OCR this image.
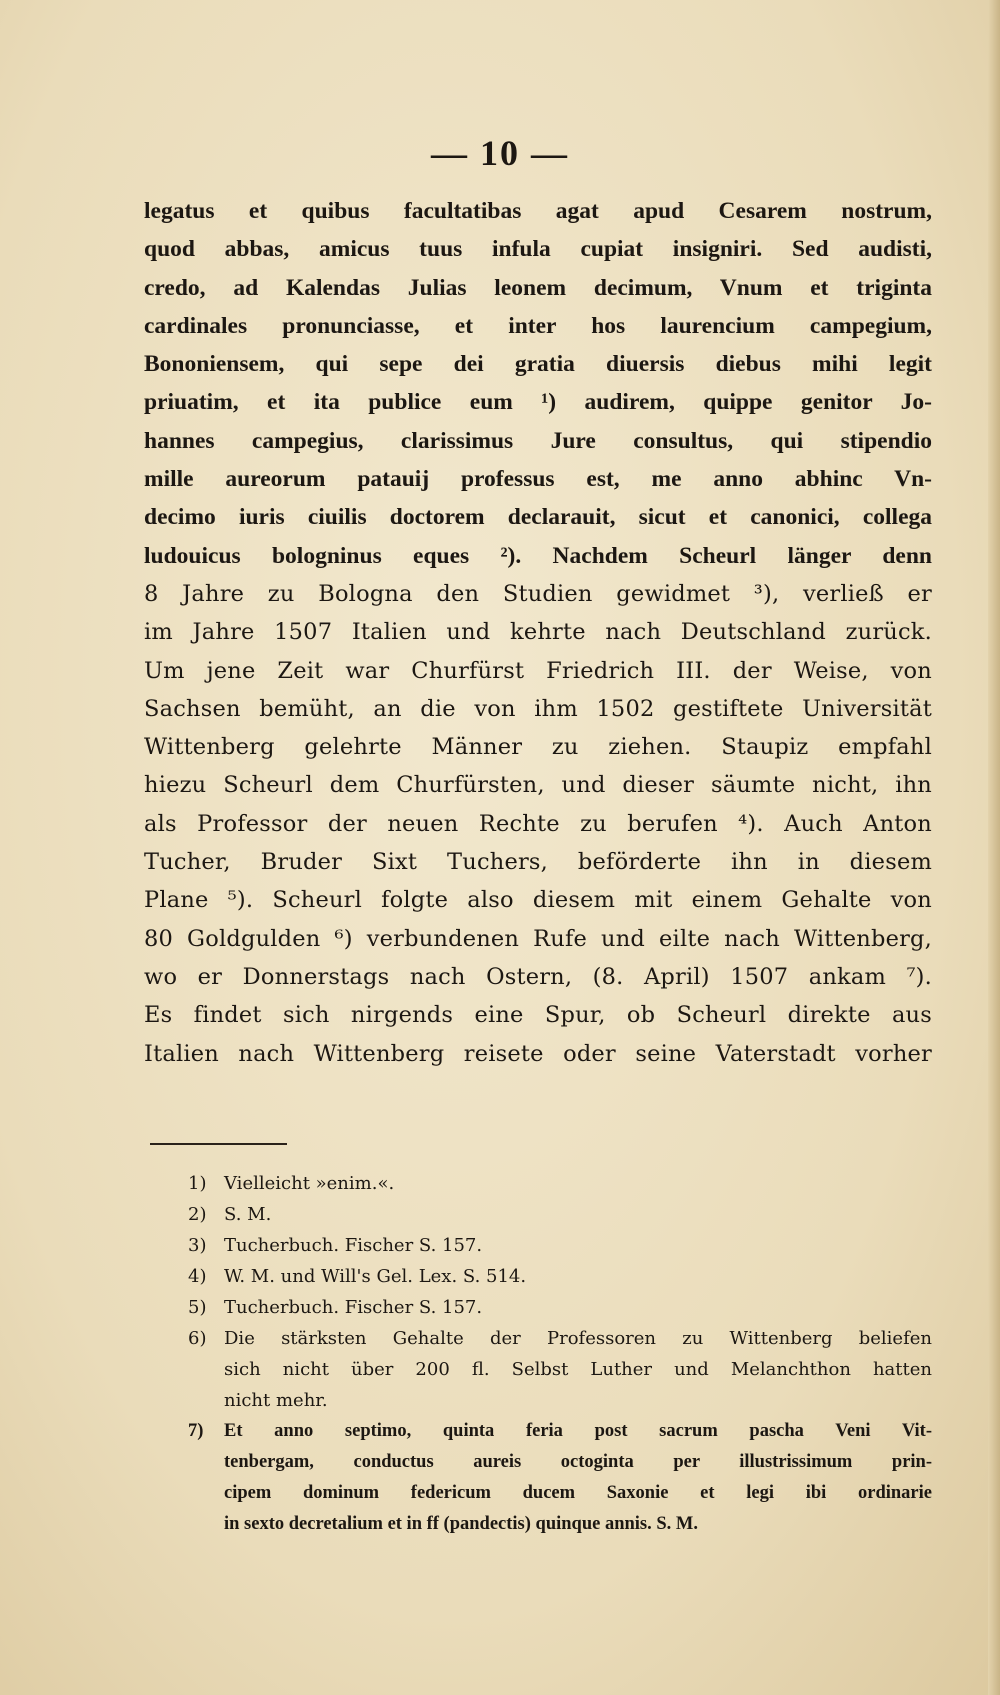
— 10 —
legatus et quibus facultatibas agat apud Cesarem nostrum,
quod abbas, amicus tuus infula cupiat insigniri. Sed audisti,
credo, ad Kalendas Julias leonem decimum, Vnum et triginta
cardinales pronunciasse, et inter hos laurencium campegium,
Bononiensem, qui sepe dei gratia diuersis diebus mihi legit
priuatim, et ita publice eum ¹) audirem, quippe genitor Jo-
hannes campegius, clarissimus Jure consultus, qui stipendio
mille aureorum patauij professus est, me anno abhinc Vn-
decimo iuris ciuilis doctorem declarauit, sicut et canonici, collega
ludouicus bologninus eques ²). Nachdem Scheurl länger denn
8 Jahre zu Bologna den Studien gewidmet ³), verließ er
im Jahre 1507 Italien und kehrte nach Deutschland zurück.
Um jene Zeit war Churfürst Friedrich III. der Weise, von
Sachsen bemüht, an die von ihm 1502 gestiftete Universität
Wittenberg gelehrte Männer zu ziehen. Staupiz empfahl
hiezu Scheurl dem Churfürsten, und dieser säumte nicht, ihn
als Professor der neuen Rechte zu berufen ⁴). Auch Anton
Tucher, Bruder Sixt Tuchers, beförderte ihn in diesem
Plane ⁵). Scheurl folgte also diesem mit einem Gehalte von
80 Goldgulden ⁶) verbundenen Rufe und eilte nach Wittenberg,
wo er Donnerstags nach Ostern, (8. April) 1507 ankam ⁷).
Es findet sich nirgends eine Spur, ob Scheurl direkte aus
Italien nach Wittenberg reisete oder seine Vaterstadt vorher
1) Vielleicht »enim.«.
2) S. M.
3) Tucherbuch. Fischer S. 157.
4) W. M. und Will's Gel. Lex. S. 514.
5) Tucherbuch. Fischer S. 157.
6) Die stärksten Gehalte der Professoren zu Wittenberg beliefen
sich nicht über 200 fl. Selbst Luther und Melanchthon hatten
nicht mehr.
7) Et anno septimo, quinta feria post sacrum pascha Veni Vit-
tenbergam, conductus aureis octoginta per illustrissimum prin-
cipem dominum federicum ducem Saxonie et legi ibi ordinarie
in sexto decretalium et in ff (pandectis) quinque annis. S. M.
